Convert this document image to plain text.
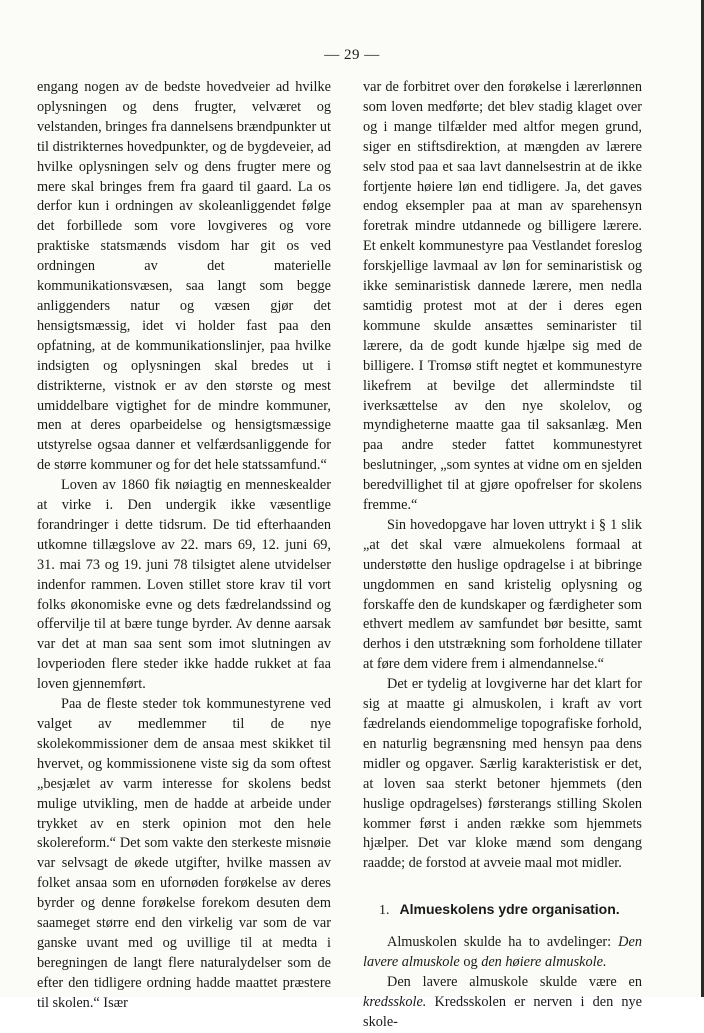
— 29 —

engang nogen av de bedste hovedveier ad hvilke oplysningen og dens frugter, velværet og velstanden, bringes fra dannelsens brændpunkter ut til distrikternes hovedpunkter, og de bygdeveier, ad hvilke oplysningen selv og dens frugter mere og mere skal bringes frem fra gaard til gaard. La os derfor kun i ordningen av skoleanliggendet følge det forbillede som vore lovgiveres og vore praktiske statsmænds visdom har git os ved ordningen av det materielle kommunikationsvæsen, saa langt som begge anliggenders natur og væsen gjør det hensigtsmæssig, idet vi holder fast paa den opfatning, at de kommunikationslinjer, paa hvilke indsigten og oplysningen skal bredes ut i distrikterne, vistnok er av den største og mest umiddelbare vigtighet for de mindre kommuner, men at deres oparbeidelse og hensigtsmæssige utstyrelse ogsaa danner et velfærdsanliggende for de større kommuner og for det hele statssamfund.“

Loven av 1860 fik nøiagtig en menneskealder at virke i. Den undergik ikke væsentlige forandringer i dette tidsrum. De tid efterhaanden utkomne tillægslove av 22. mars 69, 12. juni 69, 31. mai 73 og 19. juni 78 tilsigtet alene utvidelser indenfor rammen. Loven stillet store krav til vort folks økonomiske evne og dets fædrelandssind og offervilje til at bære tunge byrder. Av denne aarsak var det at man saa sent som imot slutningen av lovperioden flere steder ikke hadde rukket at faa loven gjennemført.

Paa de fleste steder tok kommunestyrene ved valget av medlemmer til de nye skolekommissioner dem de ansaa mest skikket til hvervet, og kommissionene viste sig da som oftest „besjælet av varm interesse for skolens bedst mulige utvikling, men de hadde at arbeide under trykket av en sterk opinion mot den hele skolereform.“ Det som vakte den sterkeste misnøie var selvsagt de økede utgifter, hvilke massen av folket ansaa som en ufornøden forøkelse av deres byrder og denne forøkelse forekom desuten dem saameget større end den virkelig var som de var ganske uvant med og uvillige til at medta i beregningen de langt flere naturalydelser som de efter den tidligere ordning hadde maattet præstere til skolen.“ Især

var de forbitret over den forøkelse i lærerlønnen som loven medførte; det blev stadig klaget over og i mange tilfælder med altfor megen grund, siger en stiftsdirektion, at mængden av lærere selv stod paa et saa lavt dannelsestrin at de ikke fortjente høiere løn end tidligere. Ja, det gaves endog eksempler paa at man av sparehensyn foretrak mindre utdannede og billigere lærere. Et enkelt kommunestyre paa Vestlandet foreslog forskjellige lavmaal av løn for seminaristisk og ikke seminaristisk dannede lærere, men nedla samtidig protest mot at der i deres egen kommune skulde ansættes seminarister til lærere, da de godt kunde hjælpe sig med de billigere. I Tromsø stift negtet et kommunestyre likefrem at bevilge det allermindste til iverksættelse av den nye skolelov, og myndigheterne maatte gaa til saksanlæg. Men paa andre steder fattet kommunestyret beslutninger, „som syntes at vidne om en sjelden beredvillighet til at gjøre opofrelser for skolens fremme.“

Sin hovedopgave har loven uttrykt i § 1 slik „at det skal være almuekolens formaal at understøtte den huslige opdragelse i at bibringe ungdommen en sand kristelig oplysning og forskaffe den de kundskaper og færdigheter som ethvert medlem av samfundet bør besitte, samt derhos i den utstrækning som forholdene tillater at føre dem videre frem i almendannelse.“

Det er tydelig at lovgiverne har det klart for sig at maatte gi almuskolen, i kraft av vort fædrelands eiendommelige topografiske forhold, en naturlig begrænsning med hensyn paa dens midler og opgaver. Særlig karakteristisk er det, at loven saa sterkt betoner hjemmets (den huslige opdragelses) førsterangs stilling Skolen kommer først i anden række som hjemmets hjælper. Det var kloke mænd som dengang raadde; de forstod at avveie maal mot midler.

1. Almueskolens ydre organisation.

Almuskolen skulde ha to avdelinger: Den lavere almuskole og den høiere almuskole.

Den lavere almuskole skulde være en kredsskole. Kredsskolen er nerven i den nye skole-
